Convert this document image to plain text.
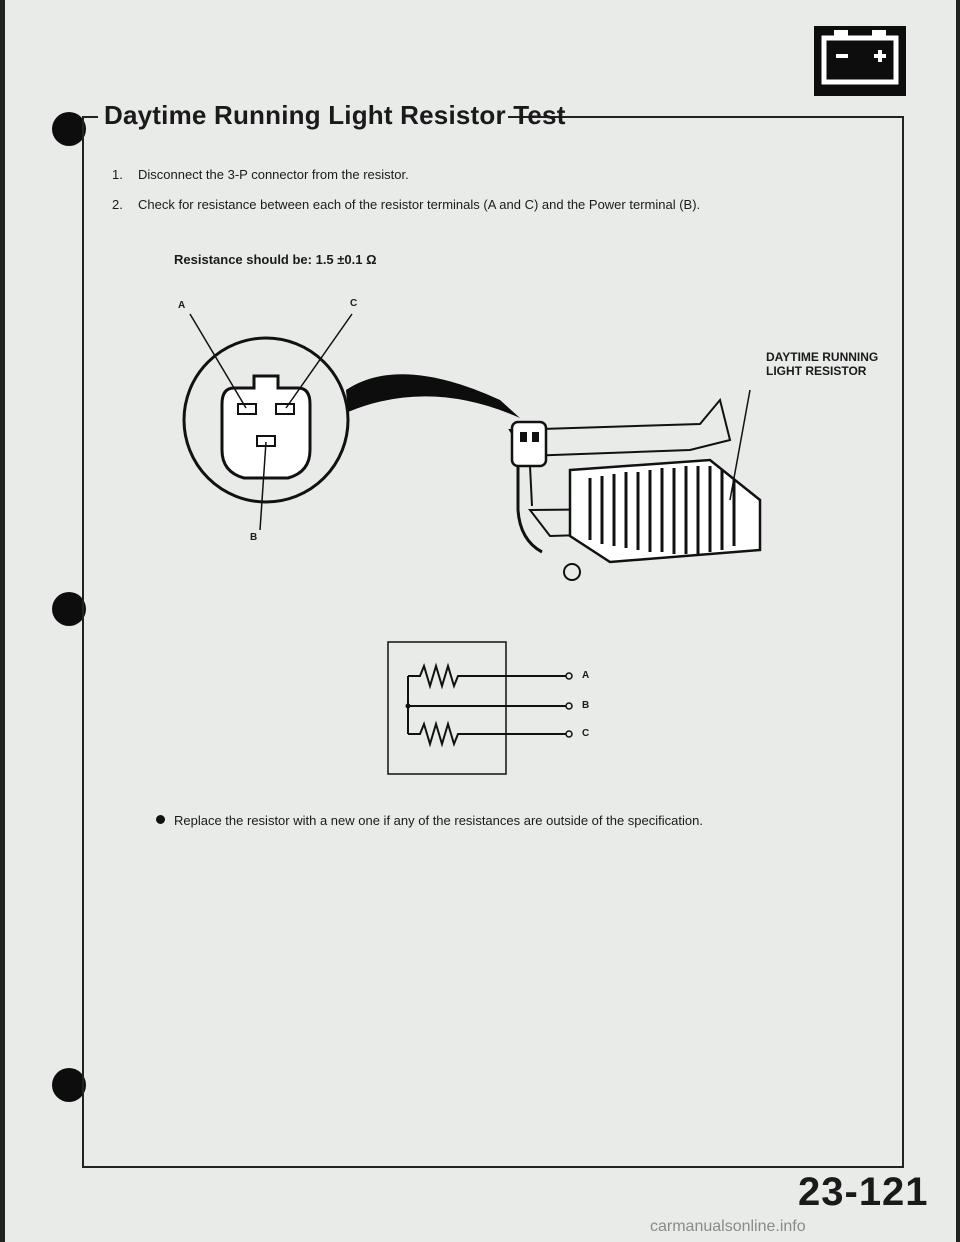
Daytime Running Light Resistor Test
1. Disconnect the 3-P connector from the resistor.
2. Check for resistance between each of the resistor terminals (A and C) and the Power terminal (B).
Resistance should be: 1.5 ±0.1 Ω
A	C
B
DAYTIME RUNNING
LIGHT RESISTOR
A
B
C
Replace the resistor with a new one if any of the resistances are outside of the specification.
23-121
carmanualsonline.info
